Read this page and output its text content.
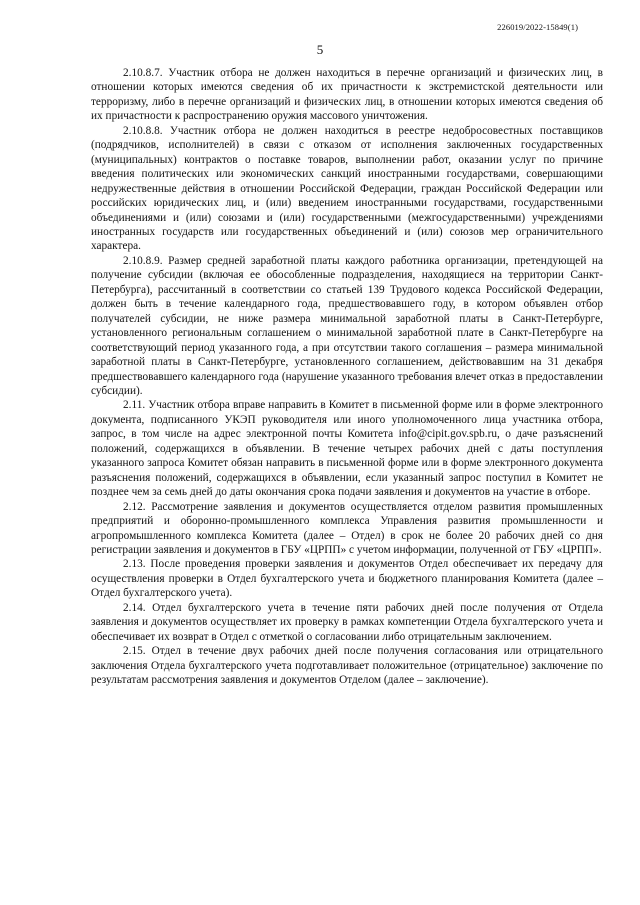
226019/2022-15849(1)
5

2.10.8.7. Участник отбора не должен находиться в перечне организаций и физических лиц, в отношении которых имеются сведения об их причастности к экстремистской деятельности или терроризму, либо в перечне организаций и физических лиц, в отношении которых имеются сведения об их причастности к распространению оружия массового уничтожения.

2.10.8.8. Участник отбора не должен находиться в реестре недобросовестных поставщиков (подрядчиков, исполнителей) в связи с отказом от исполнения заключенных государственных (муниципальных) контрактов о поставке товаров, выполнении работ, оказании услуг по причине введения политических или экономических санкций иностранными государствами, совершающими недружественные действия в отношении Российской Федерации, граждан Российской Федерации или российских юридических лиц, и (или) введением иностранными государствами, государственными объединениями и (или) союзами и (или) государственными (межгосударственными) учреждениями иностранных государств или государственных объединений и (или) союзов мер ограничительного характера.

2.10.8.9. Размер средней заработной платы каждого работника организации, претендующей на получение субсидии (включая ее обособленные подразделения, находящиеся на территории Санкт-Петербурга), рассчитанный в соответствии со статьей 139 Трудового кодекса Российской Федерации, должен быть в течение календарного года, предшествовавшего году, в котором объявлен отбор получателей субсидии, не ниже размера минимальной заработной платы в Санкт-Петербурге, установленного региональным соглашением о минимальной заработной плате в Санкт-Петербурге на соответствующий период указанного года, а при отсутствии такого соглашения – размера минимальной заработной платы в Санкт-Петербурге, установленного соглашением, действовавшим на 31 декабря предшествовавшего календарного года (нарушение указанного требования влечет отказ в предоставлении субсидии).

2.11. Участник отбора вправе направить в Комитет в письменной форме или в форме электронного документа, подписанного УКЭП руководителя или иного уполномоченного лица участника отбора, запрос, в том числе на адрес электронной почты Комитета info@cipit.gov.spb.ru, о даче разъяснений положений, содержащихся в объявлении. В течение четырех рабочих дней с даты поступления указанного запроса Комитет обязан направить в письменной форме или в форме электронного документа разъяснения положений, содержащихся в объявлении, если указанный запрос поступил в Комитет не позднее чем за семь дней до даты окончания срока подачи заявления и документов на участие в отборе.

2.12. Рассмотрение заявления и документов осуществляется отделом развития промышленных предприятий и оборонно-промышленного комплекса Управления развития промышленности и агропромышленного комплекса Комитета (далее – Отдел) в срок не более 20 рабочих дней со дня регистрации заявления и документов в ГБУ «ЦРПП» с учетом информации, полученной от ГБУ «ЦРПП».

2.13. После проведения проверки заявления и документов Отдел обеспечивает их передачу для осуществления проверки в Отдел бухгалтерского учета и бюджетного планирования Комитета (далее – Отдел бухгалтерского учета).

2.14. Отдел бухгалтерского учета в течение пяти рабочих дней после получения от Отдела заявления и документов осуществляет их проверку в рамках компетенции Отдела бухгалтерского учета и обеспечивает их возврат в Отдел с отметкой о согласовании либо отрицательным заключением.

2.15. Отдел в течение двух рабочих дней после получения согласования или отрицательного заключения Отдела бухгалтерского учета подготавливает положительное (отрицательное) заключение по результатам рассмотрения заявления и документов Отделом (далее – заключение).
